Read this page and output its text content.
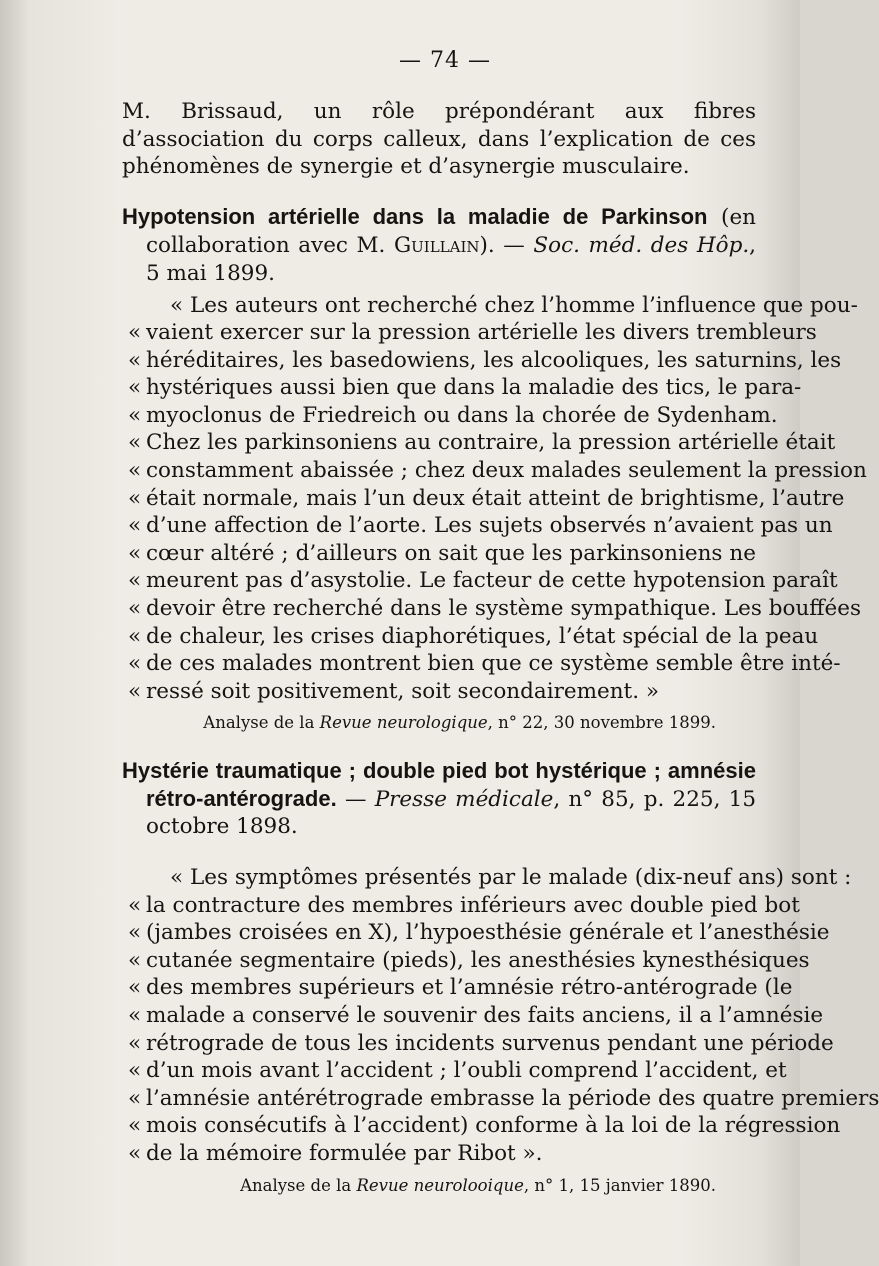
— 74 —

M. Brissaud, un rôle prépondérant aux fibres d’association du corps calleux, dans l’explication de ces phénomènes de synergie et d’asynergie musculaire.

Hypotension artérielle dans la maladie de Parkinson (en collaboration avec M. Guillain). — Soc. méd. des Hôp., 5 mai 1899.

« Les auteurs ont recherché chez l’homme l’influence que pou-
« vaient exercer sur la pression artérielle les divers trembleurs
« héréditaires, les basedowiens, les alcooliques, les saturnins, les
« hystériques aussi bien que dans la maladie des tics, le para-
« myoclonus de Friedreich ou dans la chorée de Sydenham.
« Chez les parkinsoniens au contraire, la pression artérielle était
« constamment abaissée ; chez deux malades seulement la pression
« était normale, mais l’un deux était atteint de brightisme, l’autre
« d’une affection de l’aorte. Les sujets observés n’avaient pas un
« cœur altéré ; d’ailleurs on sait que les parkinsoniens ne
« meurent pas d’asystolie. Le facteur de cette hypotension paraît
« devoir être recherché dans le système sympathique. Les bouffées
« de chaleur, les crises diaphorétiques, l’état spécial de la peau
« de ces malades montrent bien que ce système semble être inté-
« ressé soit positivement, soit secondairement. »
Analyse de la Revue neurologique, n° 22, 30 novembre 1899.

Hystérie traumatique ; double pied bot hystérique ; amnésie rétro-antérograde. — Presse médicale, n° 85, p. 225, 15 octobre 1898.

« Les symptômes présentés par le malade (dix-neuf ans) sont :
« la contracture des membres inférieurs avec double pied bot
« (jambes croisées en X), l’hypoesthésie générale et l’anesthésie
« cutanée segmentaire (pieds), les anesthésies kynesthésiques
« des membres supérieurs et l’amnésie rétro-antérograde (le
« malade a conservé le souvenir des faits anciens, il a l’amnésie
« rétrograde de tous les incidents survenus pendant une période
« d’un mois avant l’accident ; l’oubli comprend l’accident, et
« l’amnésie antérétrograde embrasse la période des quatre premiers
« mois consécutifs à l’accident) conforme à la loi de la régression
« de la mémoire formulée par Ribot ».
Analyse de la Revue neurolooique, n° 1, 15 janvier 1890.
